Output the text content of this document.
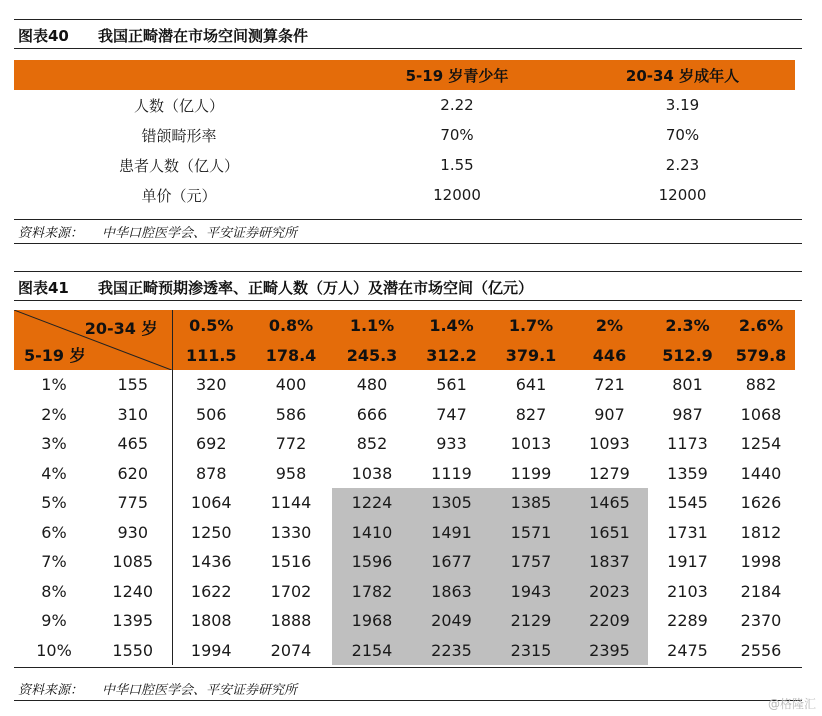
图表40 我国正畸潜在市场空间测算条件
	5-19 岁青少年	20-34 岁成年人
人数（亿人）	2.22	3.19
错颌畸形率	70%	70%
患者人数（亿人）	1.55	2.23
单价（元）	12000	12000
资料来源： 中华口腔医学会、平安证券研究所
图表41 我国正畸预期渗透率、正畸人数（万人）及潜在市场空间（亿元）
20-34 岁
5-19 岁		0.5%	0.8%	1.1%	1.4%	1.7%	2%	2.3%	2.6%
		111.5	178.4	245.3	312.2	379.1	446	512.9	579.8
1%	155	320	400	480	561	641	721	801	882
2%	310	506	586	666	747	827	907	987	1068
3%	465	692	772	852	933	1013	1093	1173	1254
4%	620	878	958	1038	1119	1199	1279	1359	1440
5%	775	1064	1144	1224	1305	1385	1465	1545	1626
6%	930	1250	1330	1410	1491	1571	1651	1731	1812
7%	1085	1436	1516	1596	1677	1757	1837	1917	1998
8%	1240	1622	1702	1782	1863	1943	2023	2103	2184
9%	1395	1808	1888	1968	2049	2129	2209	2289	2370
10%	1550	1994	2074	2154	2235	2315	2395	2475	2556
资料来源： 中华口腔医学会、平安证券研究所
@格隆汇
